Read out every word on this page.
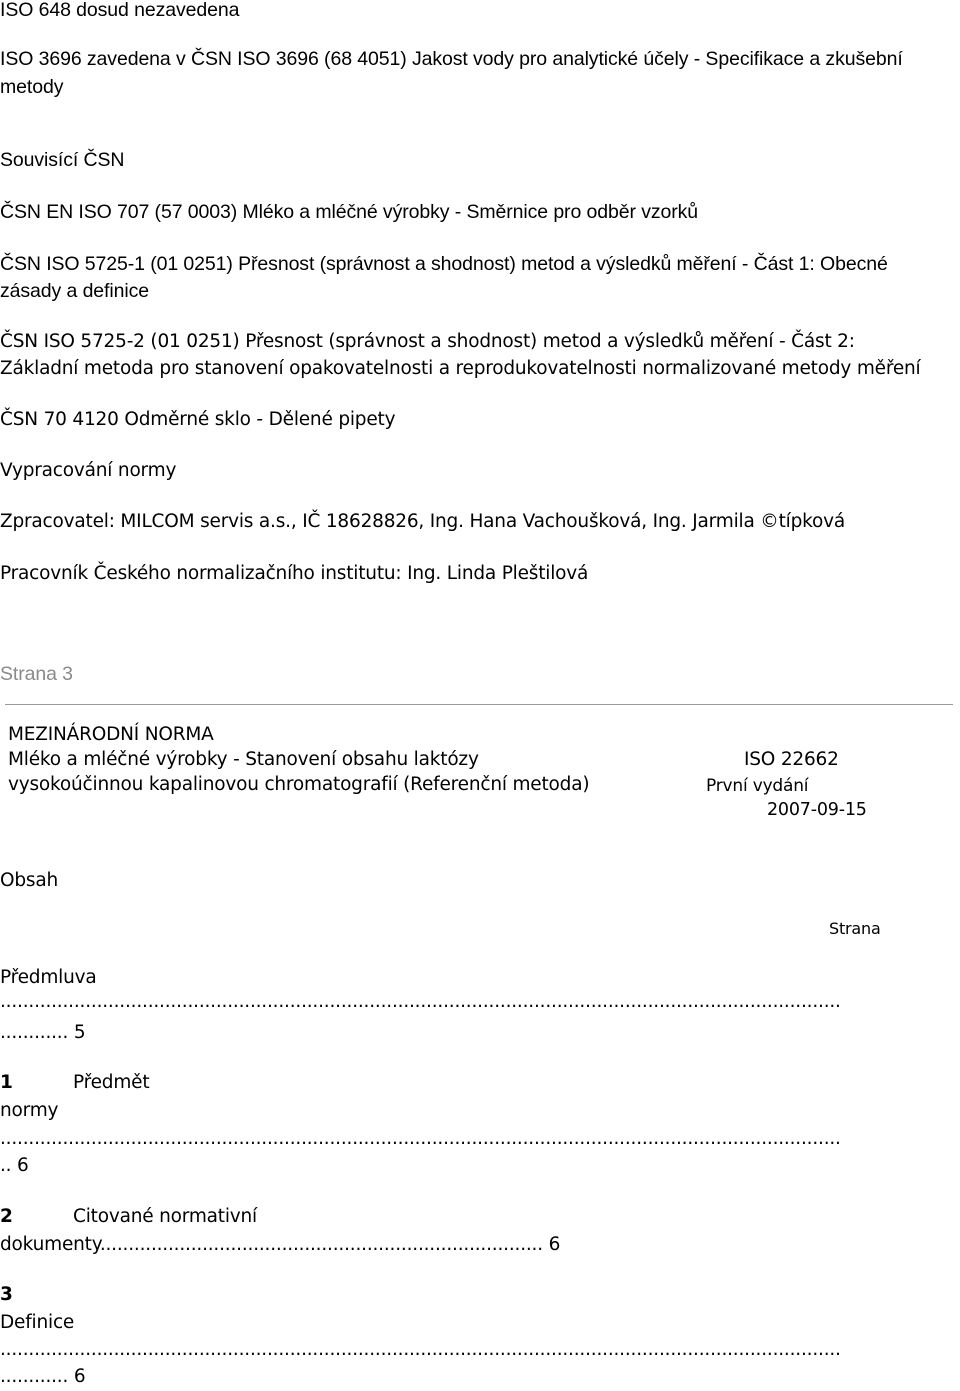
ISO 648 dosud nezavedena
ISO 3696 zavedena v ČSN ISO 3696 (68 4051) Jakost vody pro analytické účely - Specifikace a zkušební
metody
Souvisící ČSN
ČSN EN ISO 707 (57 0003) Mléko a mléčné výrobky - Směrnice pro odběr vzorků
ČSN ISO 5725-1 (01 0251) Přesnost (správnost a shodnost) metod a výsledků měření - Část 1: Obecné
zásady a definice
ČSN ISO 5725-2 (01 0251) Přesnost (správnost a shodnost) metod a výsledků měření - Část 2:
Základní metoda pro stanovení opakovatelnosti a reprodukovatelnosti normalizované metody měření
ČSN 70 4120 Odměrné sklo - Dělené pipety
Vypracování normy
Zpracovatel: MILCOM servis a.s., IČ 18628826, Ing. Hana Vachoušková, Ing. Jarmila ©típková
Pracovník Českého normalizačního institutu: Ing. Linda Pleštilová
Strana 3
MEZINÁRODNÍ NORMA
Mléko a mléčné výrobky - Stanovení obsahu laktózy
vysokoúčinnou kapalinovou chromatografií (Referenční metoda)
ISO 22662
První vydání
2007-09-15
Obsah
Strana
Předmluva
....................................................................................................................................................
............ 5
1	Předmět
normy
....................................................................................................................................................
.. 6
2	Citované normativní
dokumenty.............................................................................. 6
3
Definice
....................................................................................................................................................
............ 6
